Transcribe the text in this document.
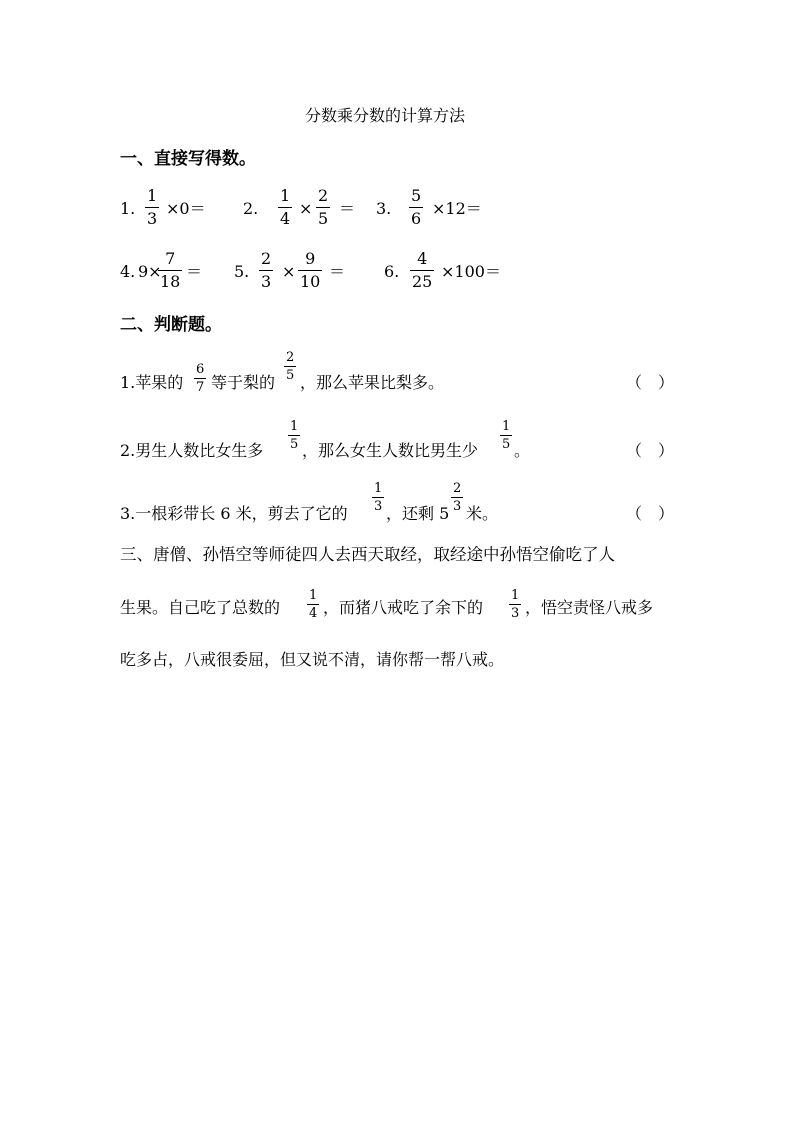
分数乘分数的计算方法
一、直接写得数。
1.
1
3
×0＝ 2.
1
4
×
2
5
＝ 3.
5
6
×12＝
4. 9×
7
18
＝ 5.
2
3
×
9
10
＝ 6.
4
25
×100＝
二、判断题。
1.苹果的
6
7 等于梨的
2
5 ，那么苹果比梨多。	（　）
2.男生人数比女生多
1
5 ，那么女生人数比男生少
1
5 。	（　）
3.一根彩带长 6 米，剪去了它的
1
3 ，还剩 5
2
3 米。	（　）
三、唐僧、孙悟空等师徒四人去西天取经，取经途中孙悟空偷吃了人
生果。自己吃了总数的
1
4 ，而猪八戒吃了余下的
1
3 ，悟空责怪八戒多
吃多占，八戒很委屈，但又说不清，请你帮一帮八戒。
